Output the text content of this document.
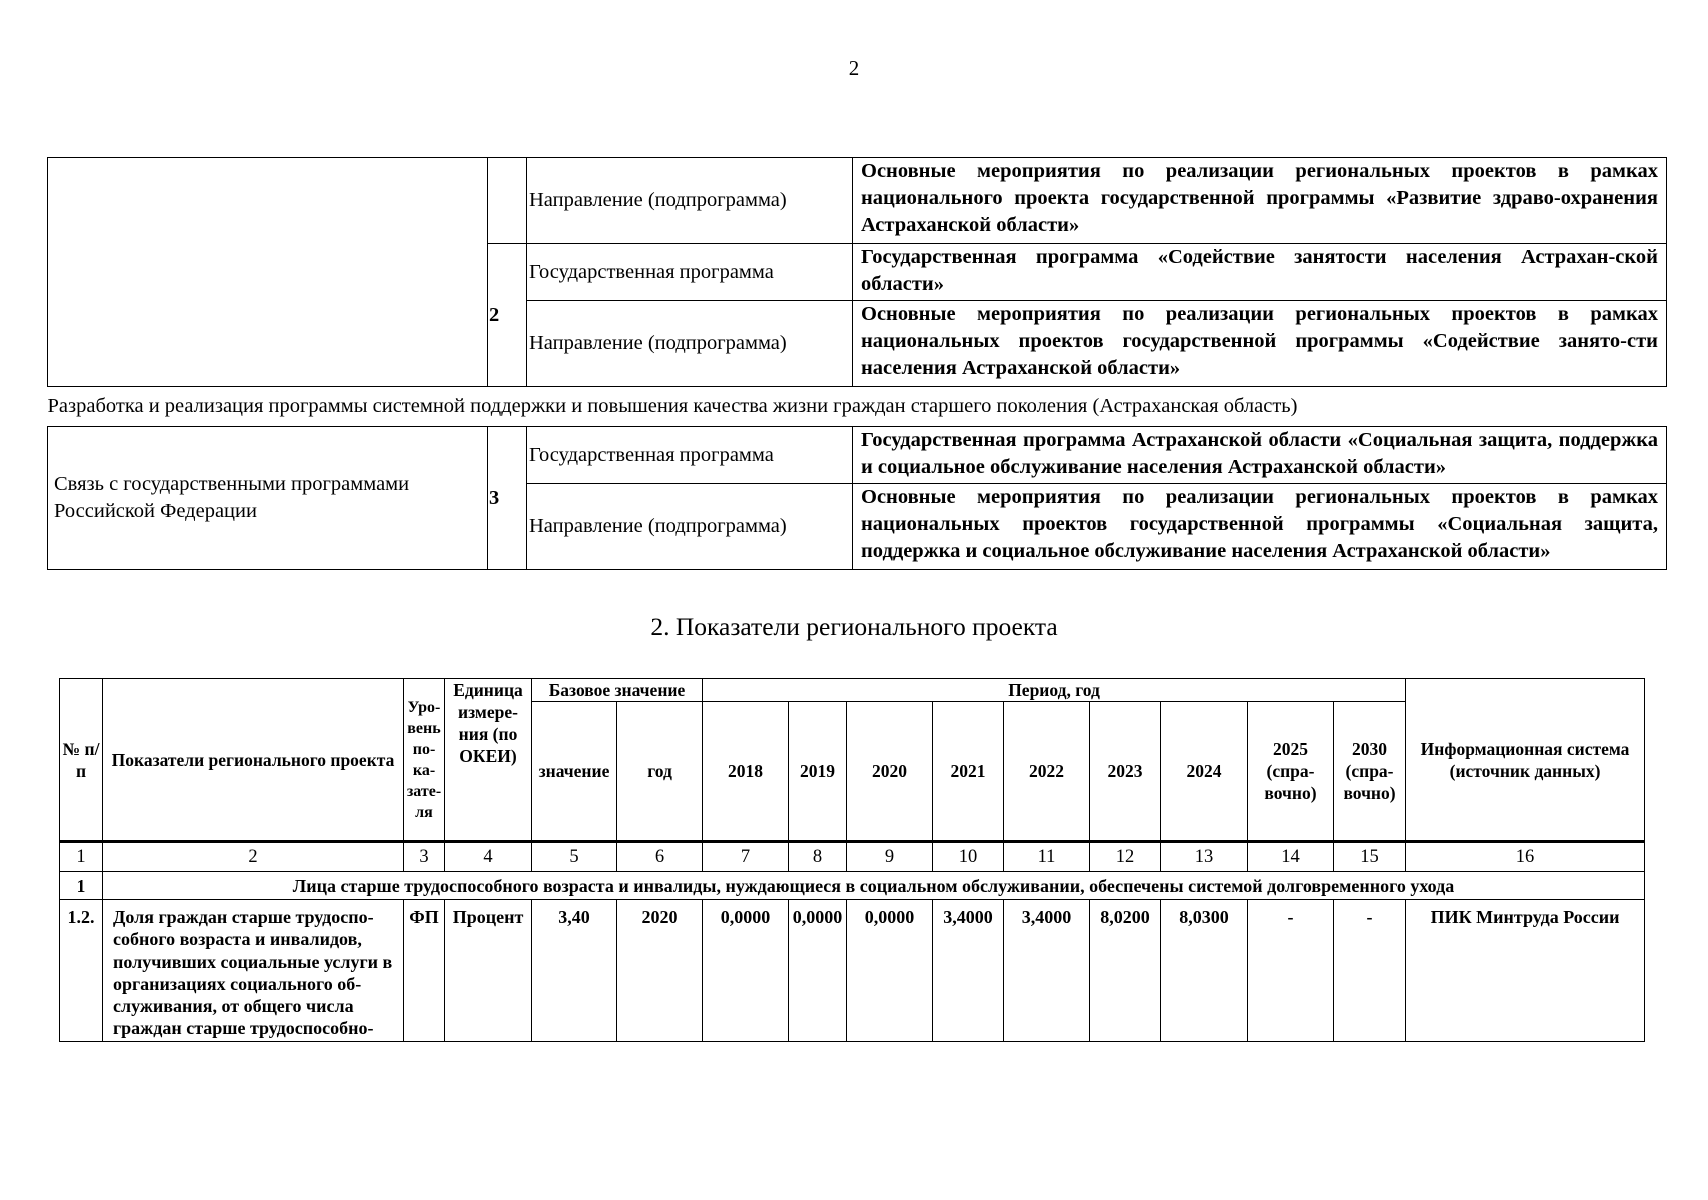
2
		Направление (подпрограмма)	Основные мероприятия по реализации региональных проектов в рамках национального проекта государственной программы «Развитие здраво-охранения Астраханской области»
	2	Государственная программа	Государственная программа «Содействие занятости населения Астрахан-ской области»
		Направление (подпрограмма)	Основные мероприятия по реализации региональных проектов в рамках национальных проектов государственной программы «Содействие занято-сти населения Астраханской области»
Разработка и реализация программы системной поддержки и повышения качества жизни граждан старшего поколения (Астраханская область)			
Связь с государственными программами Российской Федерации	3	Государственная программа	Государственная программа Астраханской области «Социальная защита, поддержка и социальное обслуживание населения Астраханской области»
		Направление (подпрограмма)	Основные мероприятия по реализации региональных проектов в рамках национальных проектов государственной программы «Социальная защита, поддержка и социальное обслуживание населения Астраханской области»
2. Показатели регионального проекта
№ п/п	Показатели регионального проекта	Уро-вень по-ка-зате-ля	Единица измере-ния (по ОКЕИ)	Базовое значение		Период, год									Информационная система (источник данных)
				значение	год	2018	2019	2020	2021	2022	2023	2024	2025 (спра-вочно)	2030 (спра-вочно)	
1	2	3	4	5	6	7	8	9	10	11	12	13	14	15	16
1	Лица старше трудоспособного возраста и инвалиды, нуждающиеся в социальном обслуживании, обеспечены системой долговременного ухода														
1.2.	Доля граждан старше трудоспо-собного возраста и инвалидов, получивших социальные услуги в организациях социального об-служивания, от общего числа граждан старше трудоспособно-	ФП	Процент	3,40	2020	0,0000	0,0000	0,0000	3,4000	3,4000	8,0200	8,0300	-	-	ПИК Минтруда России
